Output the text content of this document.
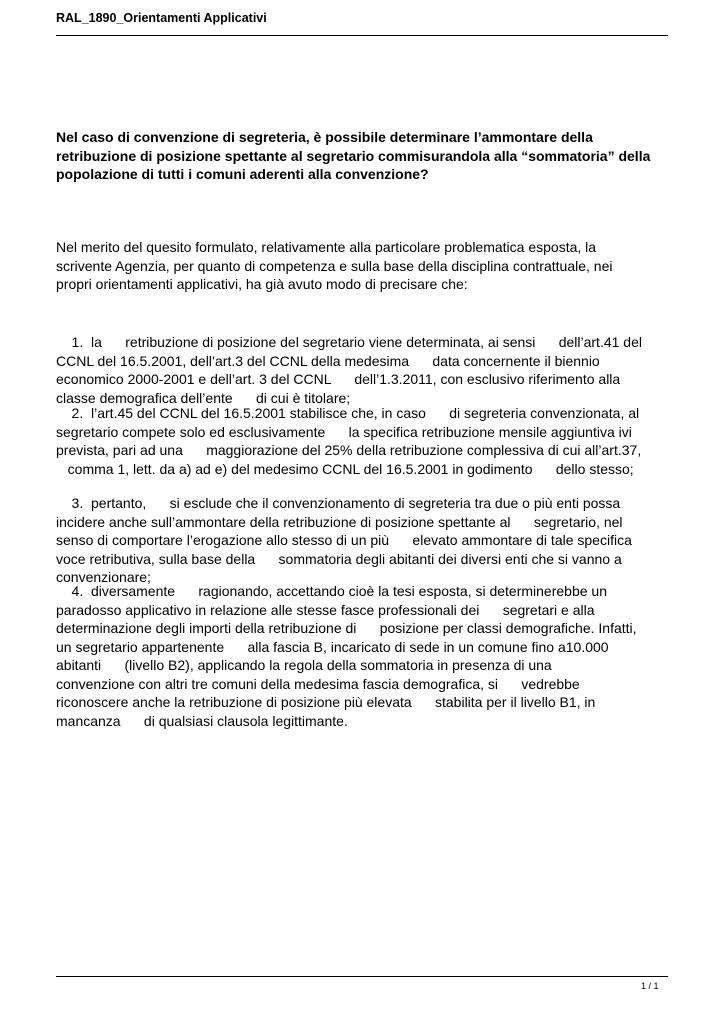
RAL_1890_Orientamenti Applicativi
Nel caso di convenzione di segreteria, è possibile determinare l’ammontare della
retribuzione di posizione spettante al segretario commisurandola alla “sommatoria” della
popolazione di tutti i comuni aderenti alla convenzione?
Nel merito del quesito formulato, relativamente alla particolare problematica esposta, la
scrivente Agenzia, per quanto di competenza e sulla base della disciplina contrattuale, nei
propri orientamenti applicativi, ha già avuto modo di precisare che:
1.  la      retribuzione di posizione del segretario viene determinata, ai sensi      dell’art.41 del
CCNL del 16.5.2001, dell’art.3 del CCNL della medesima      data concernente il biennio
economico 2000-2001 e dell’art. 3 del CCNL      dell’1.3.2011, con esclusivo riferimento alla
classe demografica dell’ente      di cui è titolare;
2.  l’art.45 del CCNL del 16.5.2001 stabilisce che, in caso      di segreteria convenzionata, al
segretario compete solo ed esclusivamente      la specifica retribuzione mensile aggiuntiva ivi
prevista, pari ad una      maggiorazione del 25% della retribuzione complessiva di cui all’art.37,
comma 1, lett. da a) ad e) del medesimo CCNL del 16.5.2001 in godimento      dello stesso;
3.  pertanto,      si esclude che il convenzionamento di segreteria tra due o più enti possa
incidere anche sull’ammontare della retribuzione di posizione spettante al      segretario, nel
senso di comportare l’erogazione allo stesso di un più      elevato ammontare di tale specifica
voce retributiva, sulla base della      sommatoria degli abitanti dei diversi enti che si vanno a
convenzionare;
4.  diversamente      ragionando, accettando cioè la tesi esposta, si determinerebbe un
paradosso applicativo in relazione alle stesse fasce professionali dei      segretari e alla
determinazione degli importi della retribuzione di      posizione per classi demografiche. Infatti,
un segretario appartenente      alla fascia B, incaricato di sede in un comune fino a10.000
abitanti      (livello B2), applicando la regola della sommatoria in presenza di una
convenzione con altri tre comuni della medesima fascia demografica, si      vedrebbe
riconoscere anche la retribuzione di posizione più elevata      stabilita per il livello B1, in
mancanza      di qualsiasi clausola legittimante.
1 / 1
